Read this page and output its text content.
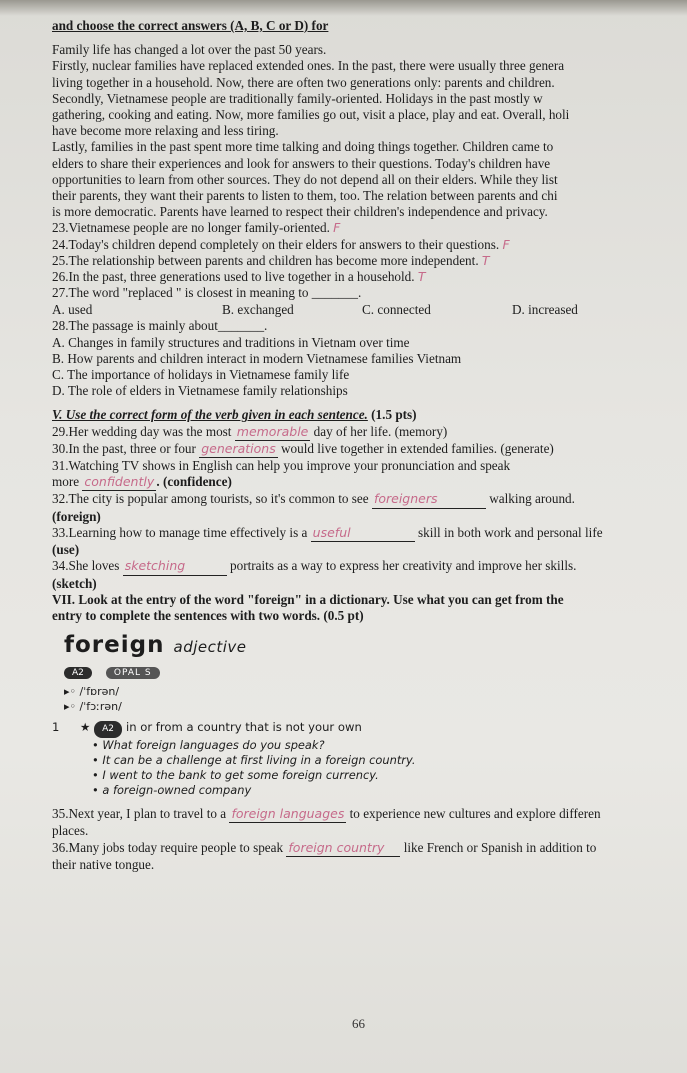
and choose the correct answers (A, B, C or D) for
Family life has changed a lot over the past 50 years.
Firstly, nuclear families have replaced extended ones. In the past, there were usually three genera
living together in a household. Now, there are often two generations only: parents and children.
Secondly, Vietnamese people are traditionally family-oriented. Holidays in the past mostly w
gathering, cooking and eating. Now, more families go out, visit a place, play and eat. Overall, holi
have become more relaxing and less tiring.
Lastly, families in the past spent more time talking and doing things together. Children came to
elders to share their experiences and look for answers to their questions. Today's children have
opportunities to learn from other sources. They do not depend all on their elders. While they list
their parents, they want their parents to listen to them, too. The relation between parents and chi
is more democratic. Parents have learned to respect their children's independence and privacy.
23.Vietnamese people are no longer family-oriented. F
24.Today's children depend completely on their elders for answers to their questions. F
25.The relationship between parents and children has become more independent. T
26.In the past, three generations used to live together in a household. T
27.The word "replaced " is closest in meaning to _______.
A. used	B. exchanged	C. connected	D. increased
28.The passage is mainly about_______.
A. Changes in family structures and traditions in Vietnam over time
B. How parents and children interact in modern Vietnamese families Vietnam
C. The importance of holidays in Vietnamese family life
D. The role of elders in Vietnamese family relationships
V. Use the correct form of the verb given in each sentence. (1.5 pts)
29.Her wedding day was the most memorable day of her life. (memory)
30.In the past, three or four generations would live together in extended families. (generate)
31.Watching TV shows in English can help you improve your pronunciation and speak
more confidently . (confidence)
32.The city is popular among tourists, so it's common to see foreigners	walking around.
(foreign)
33.Learning how to manage time effectively is a useful	skill in both work and personal life
(use)
34.She loves sketching	portraits as a way to express her creativity and improve her skills.
(sketch)
VII. Look at the entry of the word "foreign" in a dictionary. Use what you can get from the
entry to complete the sentences with two words. (0.5 pt)
foreign adjective
A2	OPAL S
▸◦ /ˈfɒrən/
▸◦ /ˈfɔːrən/
1 ★ A2 in or from a country that is not your own
• What foreign languages do you speak?
• It can be a challenge at first living in a foreign country.
• I went to the bank to get some foreign currency.
• a foreign-owned company
35.Next year, I plan to travel to a foreign languages to experience new cultures and explore differen
places.
36.Many jobs today require people to speak foreign country like French or Spanish in addition to
their native tongue.
66
